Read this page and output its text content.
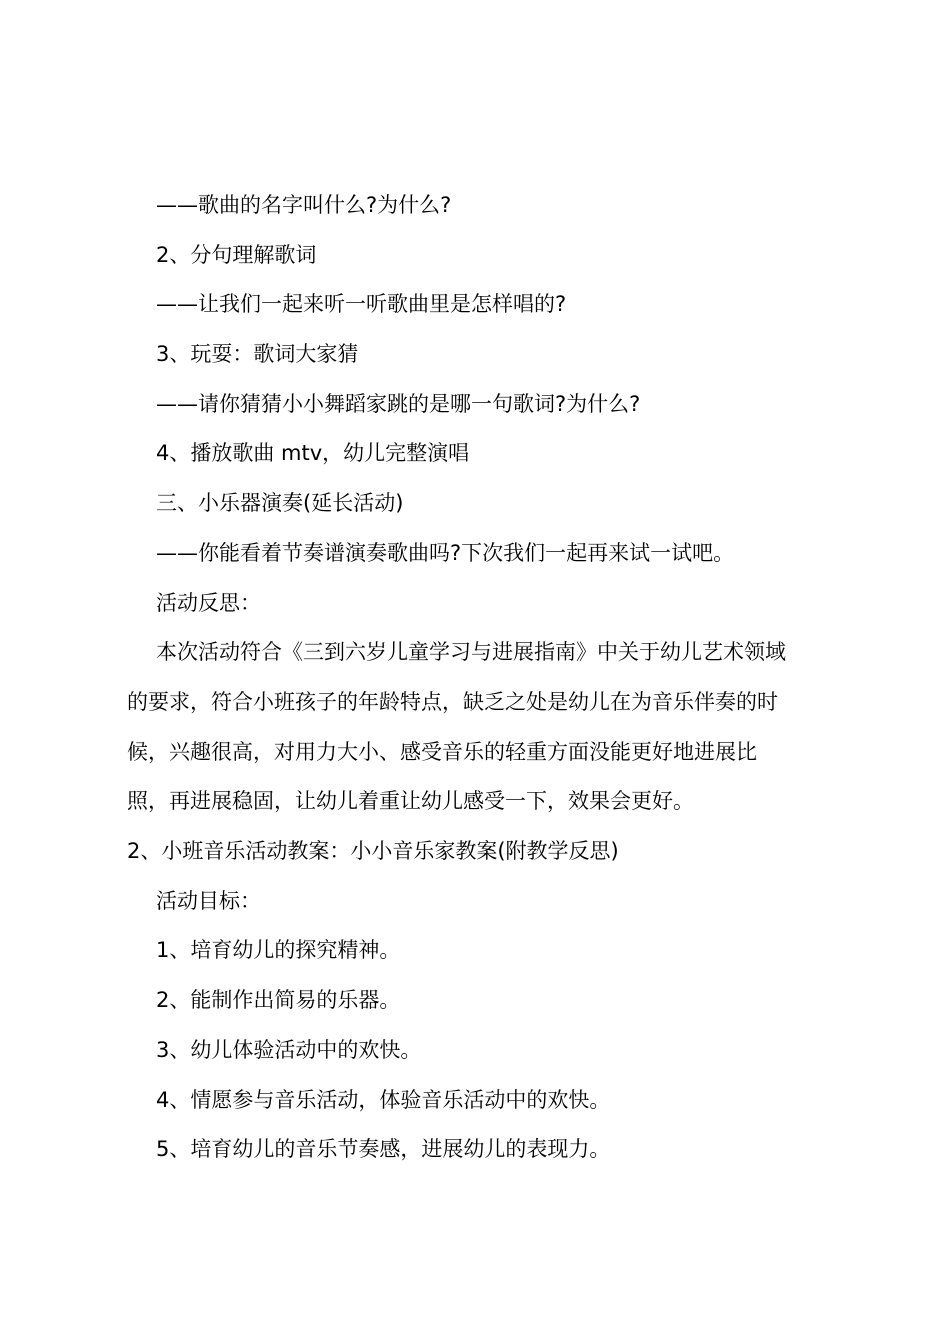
——歌曲的名字叫什么?为什么?

2、分句理解歌词

——让我们一起来听一听歌曲里是怎样唱的?

3、玩耍：歌词大家猜

——请你猜猜小小舞蹈家跳的是哪一句歌词?为什么?

4、播放歌曲 mtv，幼儿完整演唱

三、小乐器演奏(延长活动)

——你能看着节奏谱演奏歌曲吗?下次我们一起再来试一试吧。

活动反思：

本次活动符合《三到六岁儿童学习与进展指南》中关于幼儿艺术领域

的要求，符合小班孩子的年龄特点，缺乏之处是幼儿在为音乐伴奏的时

候，兴趣很高，对用力大小、感受音乐的轻重方面没能更好地进展比

照，再进展稳固，让幼儿着重让幼儿感受一下，效果会更好。

2、小班音乐活动教案：小小音乐家教案(附教学反思)

活动目标：

1、培育幼儿的探究精神。

2、能制作出简易的乐器。

3、幼儿体验活动中的欢快。

4、情愿参与音乐活动，体验音乐活动中的欢快。

5、培育幼儿的音乐节奏感，进展幼儿的表现力。
